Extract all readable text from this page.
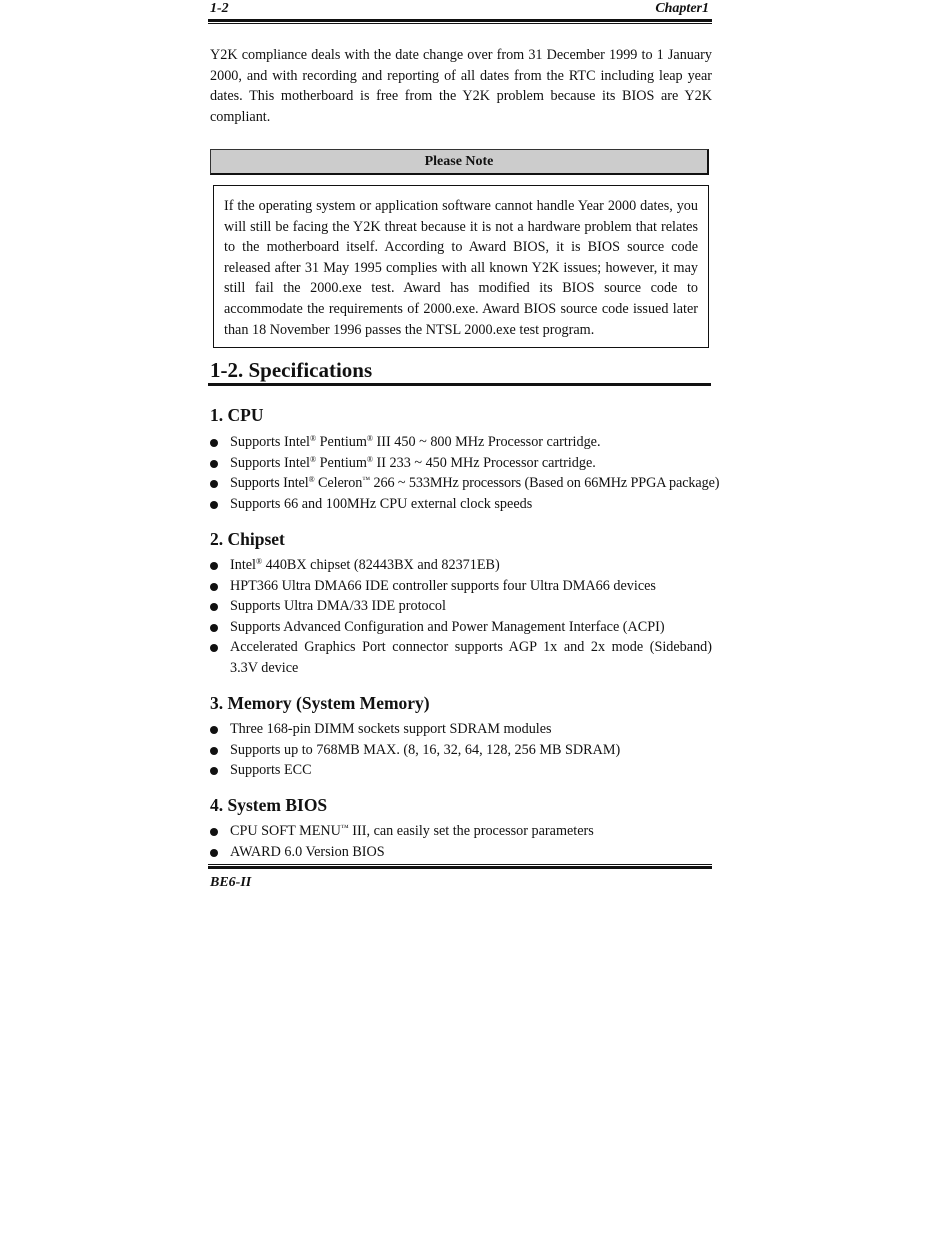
1-2	Chapter1

Y2K compliance deals with the date change over from 31 December 1999 to 1 January 2000, and with recording and reporting of all dates from the RTC including leap year dates. This motherboard is free from the Y2K problem because its BIOS are Y2K compliant.

Please Note
If the operating system or application software cannot handle Year 2000 dates, you will still be facing the Y2K threat because it is not a hardware problem that relates to the motherboard itself. According to Award BIOS, it is BIOS source code released after 31 May 1995 complies with all known Y2K issues; however, it may still fail the 2000.exe test. Award has modified its BIOS source code to accommodate the requirements of 2000.exe. Award BIOS source code issued later than 18 November 1996 passes the NTSL 2000.exe test program.
1-2. Specifications
1. CPU
Supports Intel® Pentium® III 450 ~ 800 MHz Processor cartridge.
Supports Intel® Pentium® II 233 ~ 450 MHz Processor cartridge.
Supports Intel® Celeron™ 266 ~ 533MHz processors (Based on 66MHz PPGA package)
Supports 66 and 100MHz CPU external clock speeds
2. Chipset
Intel® 440BX chipset (82443BX and 82371EB)
HPT366 Ultra DMA66 IDE controller supports four Ultra DMA66 devices
Supports Ultra DMA/33 IDE protocol
Supports Advanced Configuration and Power Management Interface (ACPI)
Accelerated Graphics Port connector supports AGP 1x and 2x mode (Sideband) 3.3V device
3. Memory (System Memory)
Three 168-pin DIMM sockets support SDRAM modules
Supports up to 768MB MAX. (8, 16, 32, 64, 128, 256 MB SDRAM)
Supports ECC
4. System BIOS
CPU SOFT MENU™ III, can easily set the processor parameters
AWARD 6.0 Version BIOS
BE6-II
